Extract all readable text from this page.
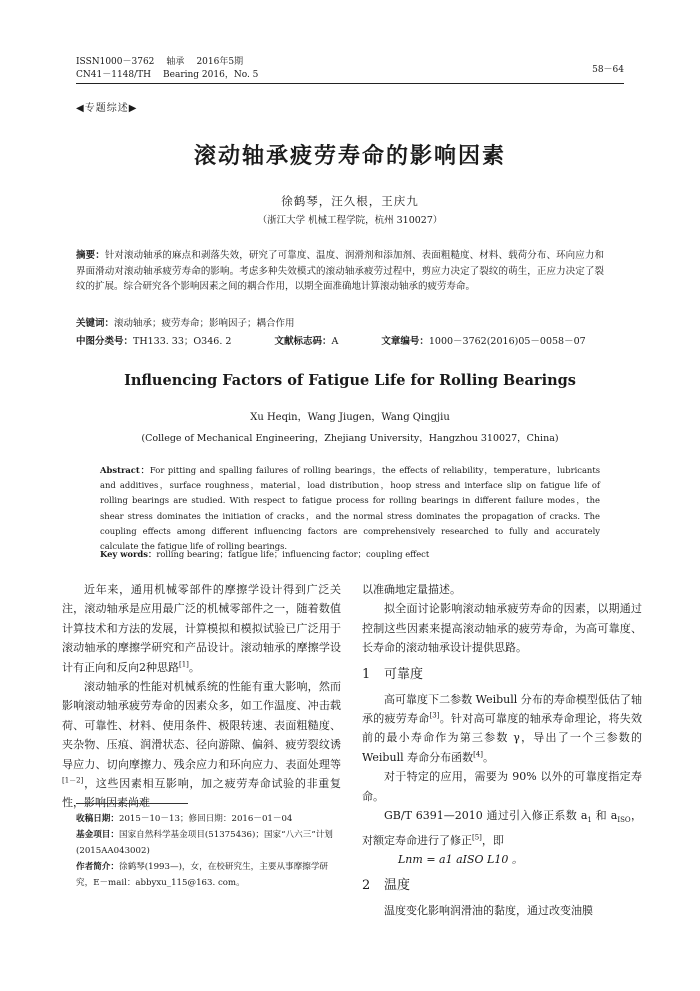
ISSN1000－3762 轴承 2016年5期
CN41－1148/TH Bearing 2016，No. 5	58－64
◀专题综述▶
滚动轴承疲劳寿命的影响因素
徐鹤琴，汪久根，王庆九
（浙江大学 机械工程学院，杭州 310027）
摘要：针对滚动轴承的麻点和剥落失效，研究了可靠度、温度、润滑剂和添加剂、表面粗糙度、材料、载荷分布、环向应力和界面滑动对滚动轴承疲劳寿命的影响。考虑多种失效模式的滚动轴承疲劳过程中，剪应力决定了裂纹的萌生，正应力决定了裂纹的扩展。综合研究各个影响因素之间的耦合作用，以期全面准确地计算滚动轴承的疲劳寿命。
关键词：滚动轴承；疲劳寿命；影响因子；耦合作用
中图分类号：TH133. 33；O346. 2	文献标志码：A	文章编号：1000－3762(2016)05－0058－07
Influencing Factors of Fatigue Life for Rolling Bearings
Xu Heqin，Wang Jiugen，Wang Qingjiu
(College of Mechanical Engineering，Zhejiang University，Hangzhou 310027，China)
Abstract：For pitting and spalling failures of rolling bearings，the effects of reliability，temperature，lubricants and additives，surface roughness，material，load distribution，hoop stress and interface slip on fatigue life of rolling bearings are studied. With respect to fatigue process for rolling bearings in different failure modes，the shear stress dominates the initiation of cracks，and the normal stress dominates the propagation of cracks. The coupling effects among different influencing factors are comprehensively researched to fully and accurately calculate the fatigue life of rolling bearings.
Key words：rolling bearing；fatigue life；influencing factor；coupling effect

近年来，通用机械零部件的摩擦学设计得到广泛关注，滚动轴承是应用最广泛的机械零部件之一，随着数值计算技术和方法的发展，计算模拟和模拟试验已广泛用于滚动轴承的摩擦学研究和产品设计。滚动轴承的摩擦学设计有正向和反向2种思路[1]。

滚动轴承的性能对机械系统的性能有重大影响，然而影响滚动轴承疲劳寿命的因素众多，如工作温度、冲击载荷、可靠性、材料、使用条件、极限转速、表面粗糙度、夹杂物、压痕、润滑状态、径向游隙、偏斜、疲劳裂纹诱导应力、切向摩擦力、残余应力和环向应力、表面处理等[1－2]，这些因素相互影响，加之疲劳寿命试验的非重复性，影响因素尚难

以准确地定量描述。

拟全面讨论影响滚动轴承疲劳寿命的因素，以期通过控制这些因素来提高滚动轴承的疲劳寿命，为高可靠度、长寿命的滚动轴承设计提供思路。

1 可靠度

高可靠度下二参数 Weibull 分布的寿命模型低估了轴承的疲劳寿命[3]。针对高可靠度的轴承寿命理论，将失效前的最小寿命作为第三参数 γ，导出了一个三参数的 Weibull 寿命分布函数[4]。

对于特定的应用，需要为 90% 以外的可靠度指定寿命。

GB/T 6391—2010 通过引入修正系数 $a_1$ 和 $a_{ISO}$，对额定寿命进行了修正[5]，即

Lnm = a1 aISO L10 。

2 温度

温度变化影响润滑油的黏度，通过改变油膜

收稿日期：2015－10－13；修回日期：2016－01－04
基金项目：国家自然科学基金项目(51375436)；国家“八六三”计划(2015AA043002)
作者简介：徐鹤琴(1993—)，女，在校研究生，主要从事摩擦学研究，E－mail：abbyxu_115@163. com。
